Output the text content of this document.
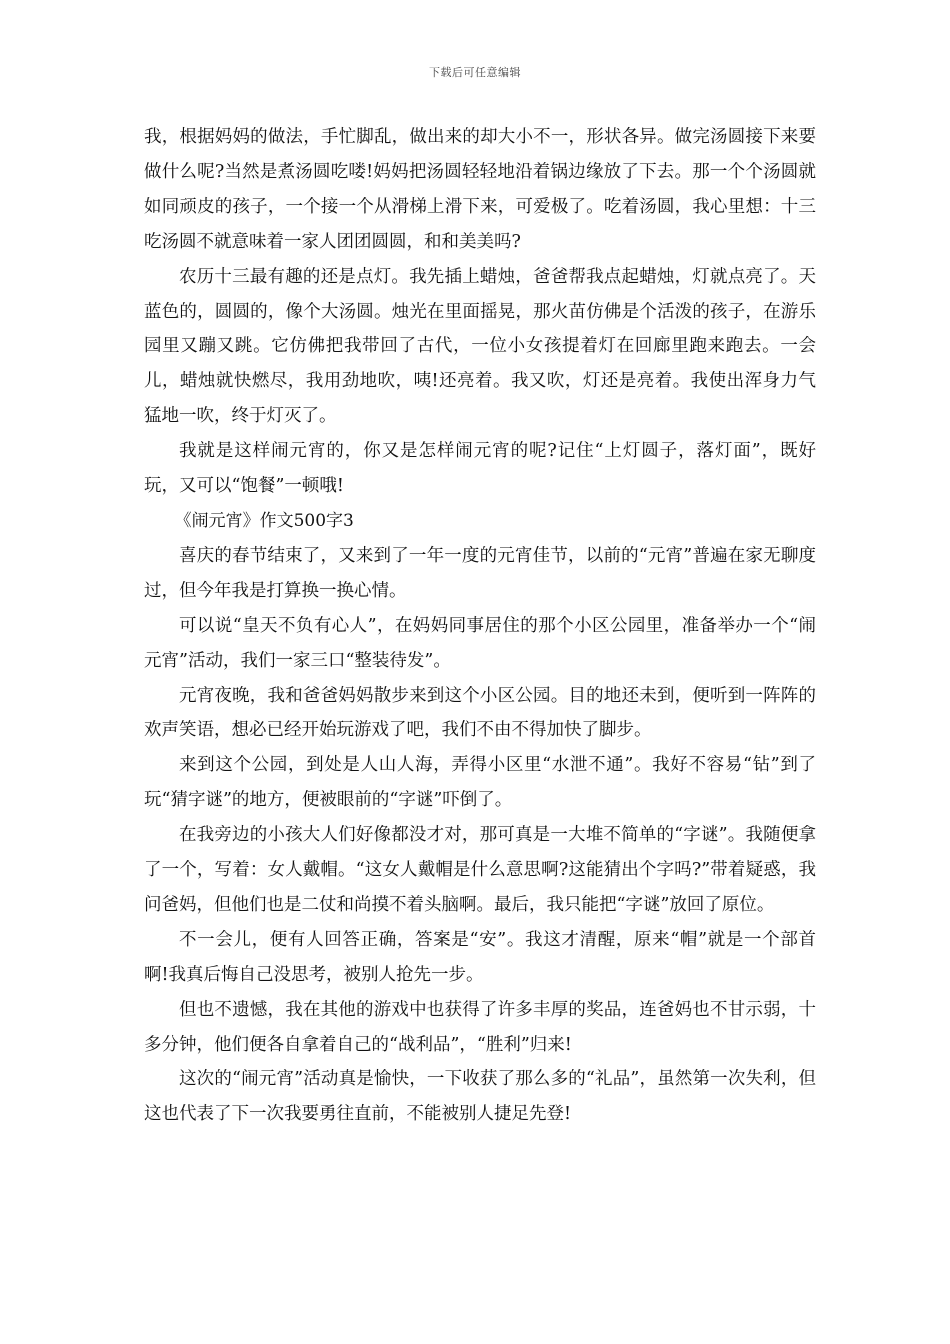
下载后可任意编辑

我，根据妈妈的做法，手忙脚乱，做出来的却大小不一，形状各异。做完汤圆接下来要做什么呢?当然是煮汤圆吃喽!妈妈把汤圆轻轻地沿着锅边缘放了下去。那一个个汤圆就如同顽皮的孩子，一个接一个从滑梯上滑下来，可爱极了。吃着汤圆，我心里想：十三吃汤圆不就意味着一家人团团圆圆，和和美美吗?

农历十三最有趣的还是点灯。我先插上蜡烛，爸爸帮我点起蜡烛，灯就点亮了。天蓝色的，圆圆的，像个大汤圆。烛光在里面摇晃，那火苗仿佛是个活泼的孩子，在游乐园里又蹦又跳。它仿佛把我带回了古代，一位小女孩提着灯在回廊里跑来跑去。一会儿，蜡烛就快燃尽，我用劲地吹，咦!还亮着。我又吹，灯还是亮着。我使出浑身力气猛地一吹，终于灯灭了。

我就是这样闹元宵的，你又是怎样闹元宵的呢?记住“上灯圆子，落灯面”，既好玩，又可以“饱餐”一顿哦!

《闹元宵》作文500字3

喜庆的春节结束了，又来到了一年一度的元宵佳节，以前的“元宵”普遍在家无聊度过，但今年我是打算换一换心情。

可以说“皇天不负有心人”，在妈妈同事居住的那个小区公园里，准备举办一个“闹元宵”活动，我们一家三口“整装待发”。

元宵夜晚，我和爸爸妈妈散步来到这个小区公园。目的地还未到，便听到一阵阵的欢声笑语，想必已经开始玩游戏了吧，我们不由不得加快了脚步。

来到这个公园，到处是人山人海，弄得小区里“水泄不通”。我好不容易“钻”到了玩“猜字谜”的地方，便被眼前的“字谜”吓倒了。

在我旁边的小孩大人们好像都没才对，那可真是一大堆不简单的“字谜”。我随便拿了一个，写着：女人戴帽。“这女人戴帽是什么意思啊?这能猜出个字吗?”带着疑惑，我问爸妈，但他们也是二仗和尚摸不着头脑啊。最后，我只能把“字谜”放回了原位。

不一会儿，便有人回答正确，答案是“安”。我这才清醒，原来“帽”就是一个部首啊!我真后悔自己没思考，被别人抢先一步。

但也不遗憾，我在其他的游戏中也获得了许多丰厚的奖品，连爸妈也不甘示弱，十多分钟，他们便各自拿着自己的“战利品”，“胜利”归来!

这次的“闹元宵”活动真是愉快，一下收获了那么多的“礼品”，虽然第一次失利，但这也代表了下一次我要勇往直前，不能被别人捷足先登!
